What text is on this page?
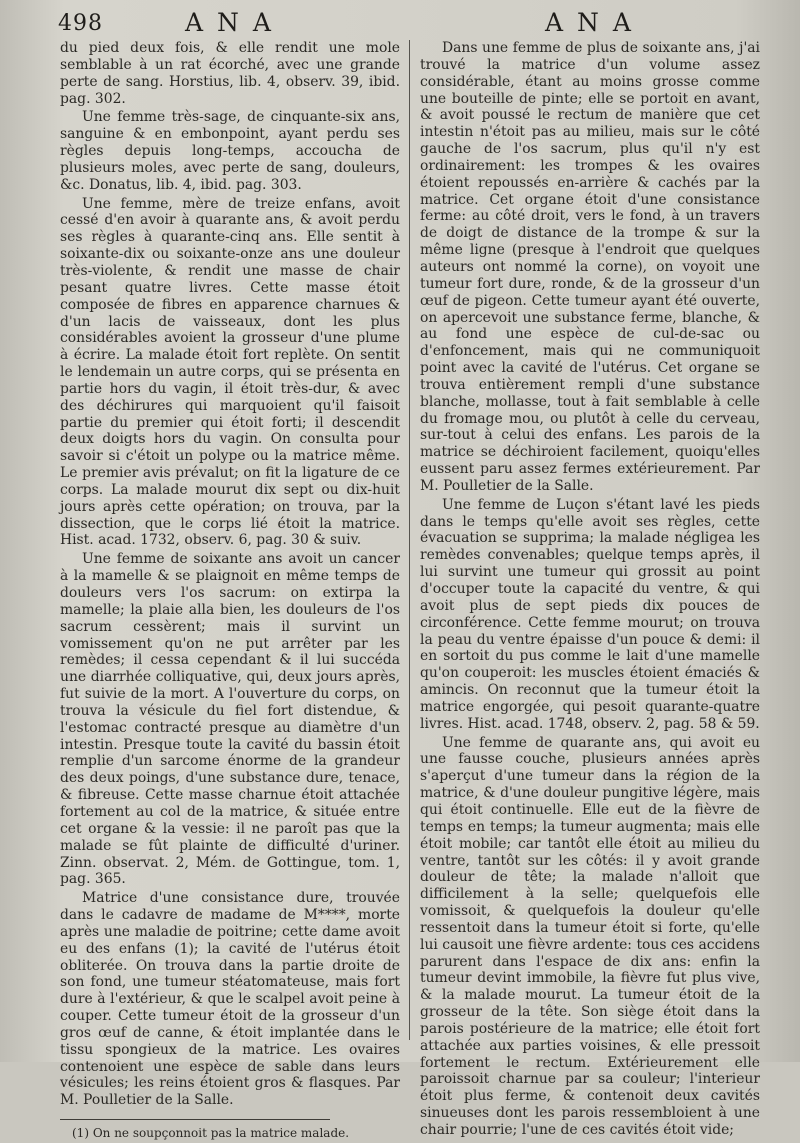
498	A N A	A N A

du pied deux fois, & elle rendit une mole semblable à un rat écorché, avec une grande perte de sang. Horstius, lib. 4, observ. 39, ibid. pag. 302.

Une femme très-sage, de cinquante-six ans, sanguine & en embonpoint, ayant perdu ses règles depuis long-temps, accoucha de plusieurs moles, avec perte de sang, douleurs, &c. Donatus, lib. 4, ibid. pag. 303.

Une femme, mère de treize enfans, avoit cessé d'en avoir à quarante ans, & avoit perdu ses règles à quarante-cinq ans. Elle sentit à soixante-dix ou soixante-onze ans une douleur très-violente, & rendit une masse de chair pesant quatre livres. Cette masse étoit composée de fibres en apparence charnues & d'un lacis de vaisseaux, dont les plus considérables avoient la grosseur d'une plume à écrire. La malade étoit fort replète. On sentit le lendemain un autre corps, qui se présenta en partie hors du vagin, il étoit très-dur, & avec des déchirures qui marquoient qu'il faisoit partie du premier qui étoit forti; il descendit deux doigts hors du vagin. On consulta pour savoir si c'étoit un polype ou la matrice même. Le premier avis prévalut; on fit la ligature de ce corps. La malade mourut dix sept ou dix-huit jours après cette opération; on trouva, par la dissection, que le corps lié étoit la matrice. Hist. acad. 1732, observ. 6, pag. 30 & suiv.

Une femme de soixante ans avoit un cancer à la mamelle & se plaignoit en même temps de douleurs vers l'os sacrum: on extirpa la mamelle; la plaie alla bien, les douleurs de l'os sacrum cessèrent; mais il survint un vomissement qu'on ne put arrêter par les remèdes; il cessa cependant & il lui succéda une diarrhée colliquative, qui, deux jours après, fut suivie de la mort. A l'ouverture du corps, on trouva la vésicule du fiel fort distendue, & l'estomac contracté presque au diamètre d'un intestin. Presque toute la cavité du bassin étoit remplie d'un sarcome énorme de la grandeur des deux poings, d'une substance dure, tenace, & fibreuse. Cette masse charnue étoit attachée fortement au col de la matrice, & située entre cet organe & la vessie: il ne paroît pas que la malade se fût plainte de difficulté d'uriner. Zinn. observat. 2, Mém. de Gottingue, tom. 1, pag. 365.

Matrice d'une consistance dure, trouvée dans le cadavre de madame de M****, morte après une maladie de poitrine; cette dame avoit eu des enfans (1); la cavité de l'utérus étoit obliterée. On trouva dans la partie droite de son fond, une tumeur stéatomateuse, mais fort dure à l'extérieur, & que le scalpel avoit peine à couper. Cette tumeur étoit de la grosseur d'un gros œuf de canne, & étoit implantée dans le tissu spongieux de la matrice. Les ovaires contenoient une espèce de sable dans leurs vésicules; les reins étoient gros & flasques. Par M. Poulletier de la Salle.

(1) On ne soupçonnoit pas la matrice malade.

Dans une femme de plus de soixante ans, j'ai trouvé la matrice d'un volume assez considérable, étant au moins grosse comme une bouteille de pinte; elle se portoit en avant, & avoit poussé le rectum de manière que cet intestin n'étoit pas au milieu, mais sur le côté gauche de l'os sacrum, plus qu'il n'y est ordinairement: les trompes & les ovaires étoient repoussés en-arrière & cachés par la matrice. Cet organe étoit d'une consistance ferme: au côté droit, vers le fond, à un travers de doigt de distance de la trompe & sur la même ligne (presque à l'endroit que quelques auteurs ont nommé la corne), on voyoit une tumeur fort dure, ronde, & de la grosseur d'un œuf de pigeon. Cette tumeur ayant été ouverte, on apercevoit une substance ferme, blanche, & au fond une espèce de cul-de-sac ou d'enfoncement, mais qui ne communiquoit point avec la cavité de l'utérus. Cet organe se trouva entièrement rempli d'une substance blanche, mollasse, tout à fait semblable à celle du fromage mou, ou plutôt à celle du cerveau, sur-tout à celui des enfans. Les parois de la matrice se déchiroient facilement, quoiqu'elles eussent paru assez fermes extérieurement. Par M. Poulletier de la Salle.

Une femme de Luçon s'étant lavé les pieds dans le temps qu'elle avoit ses règles, cette évacuation se supprima; la malade négligea les remèdes convenables; quelque temps après, il lui survint une tumeur qui grossit au point d'occuper toute la capacité du ventre, & qui avoit plus de sept pieds dix pouces de circonférence. Cette femme mourut; on trouva la peau du ventre épaisse d'un pouce & demi: il en sortoit du pus comme le lait d'une mamelle qu'on couperoit: les muscles étoient émaciés & amincis. On reconnut que la tumeur étoit la matrice engorgée, qui pesoit quarante-quatre livres. Hist. acad. 1748, observ. 2, pag. 58 & 59.

Une femme de quarante ans, qui avoit eu une fausse couche, plusieurs années après s'aperçut d'une tumeur dans la région de la matrice, & d'une douleur pungitive légère, mais qui étoit continuelle. Elle eut de la fièvre de temps en temps; la tumeur augmenta; mais elle étoit mobile; car tantôt elle étoit au milieu du ventre, tantôt sur les côtés: il y avoit grande douleur de tête; la malade n'alloit que difficilement à la selle; quelquefois elle vomissoit, & quelquefois la douleur qu'elle ressentoit dans la tumeur étoit si forte, qu'elle lui causoit une fièvre ardente: tous ces accidens parurent dans l'espace de dix ans: enfin la tumeur devint immobile, la fièvre fut plus vive, & la malade mourut. La tumeur étoit de la grosseur de la tête. Son siège étoit dans la parois postérieure de la matrice; elle étoit fort attachée aux parties voisines, & elle pressoit fortement le rectum. Extérieurement elle paroissoit charnue par sa couleur; l'interieur étoit plus ferme, & contenoit deux cavités sinueuses dont les parois ressembloient à une chair pourrie; l'une de ces cavités étoit vide;
